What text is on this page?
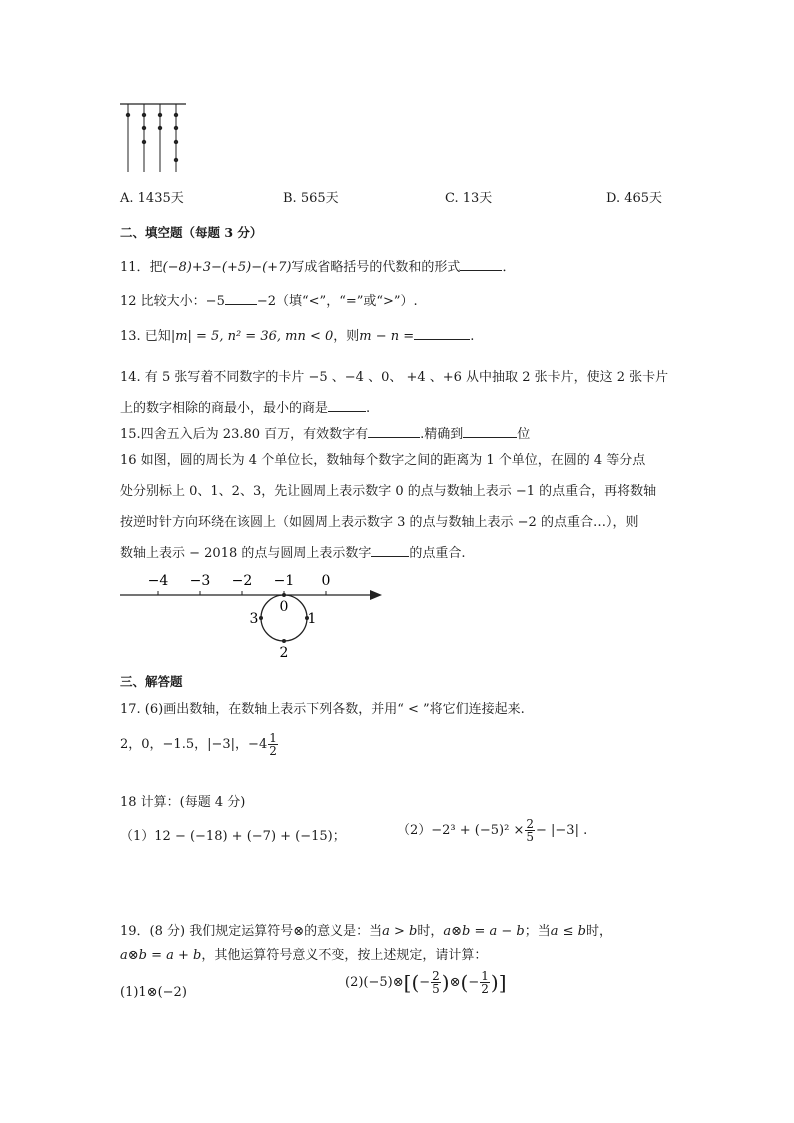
A. 1435天	B. 565天	C. 13天	D. 465天
二、填空题（每题 3 分）
11．把(−8)+3−(+5)−(+7)写成省略括号的代数和的形式	．
12 比较大小：−5 −2（填“<”，“=”或“>”）.
13. 已知|m| = 5, n² = 36, mn < 0，则m − n =	.
14. 有 5 张写着不同数字的卡片 −5 、−4 、0、 +4 、+6 从中抽取 2 张卡片，使这 2 张卡片
上的数字相除的商最小，最小的商是	.
15.四舍五入后为 23.80 百万，有效数字有	.精确到	位
16 如图，圆的周长为 4 个单位长，数轴每个数字之间的距离为 1 个单位，在圆的 4 等分点
处分别标上 0、1、2、3，先让圆周上表示数字 0 的点与数轴上表示 −1 的点重合，再将数轴
按逆时针方向环绕在该圆上（如圆周上表示数字 3 的点与数轴上表示 −2 的点重合…），则
数轴上表示 − 2018 的点与圆周上表示数字	的点重合.
−4 −3 −2 −1 0
0
1
2
3
三、解答题
17. (6)画出数轴，在数轴上表示下列各数，并用“ < ”将它们连接起来.
2，0，−1.5，|−3|，$-4 \frac{1}{2}$
18 计算：(每题 4 分)
（1）12 − (−18) + (−7) + (−15)；	$(2)-2^3 + (-5)^2 \times \frac{2}{5} - |-3|$ .
19．(8 分) 我们规定运算符号⊗的意义是：当a > b时，a⊗b = a − b；当a ≤ b时，
a⊗b = a + b，其他运算符号意义不变，按上述规定，请计算：
(1)1⊗(−2)
(2)(−5)⊗[(− $\frac{2}{5}$ )⊗(− $\frac{1}{2}$ )]
